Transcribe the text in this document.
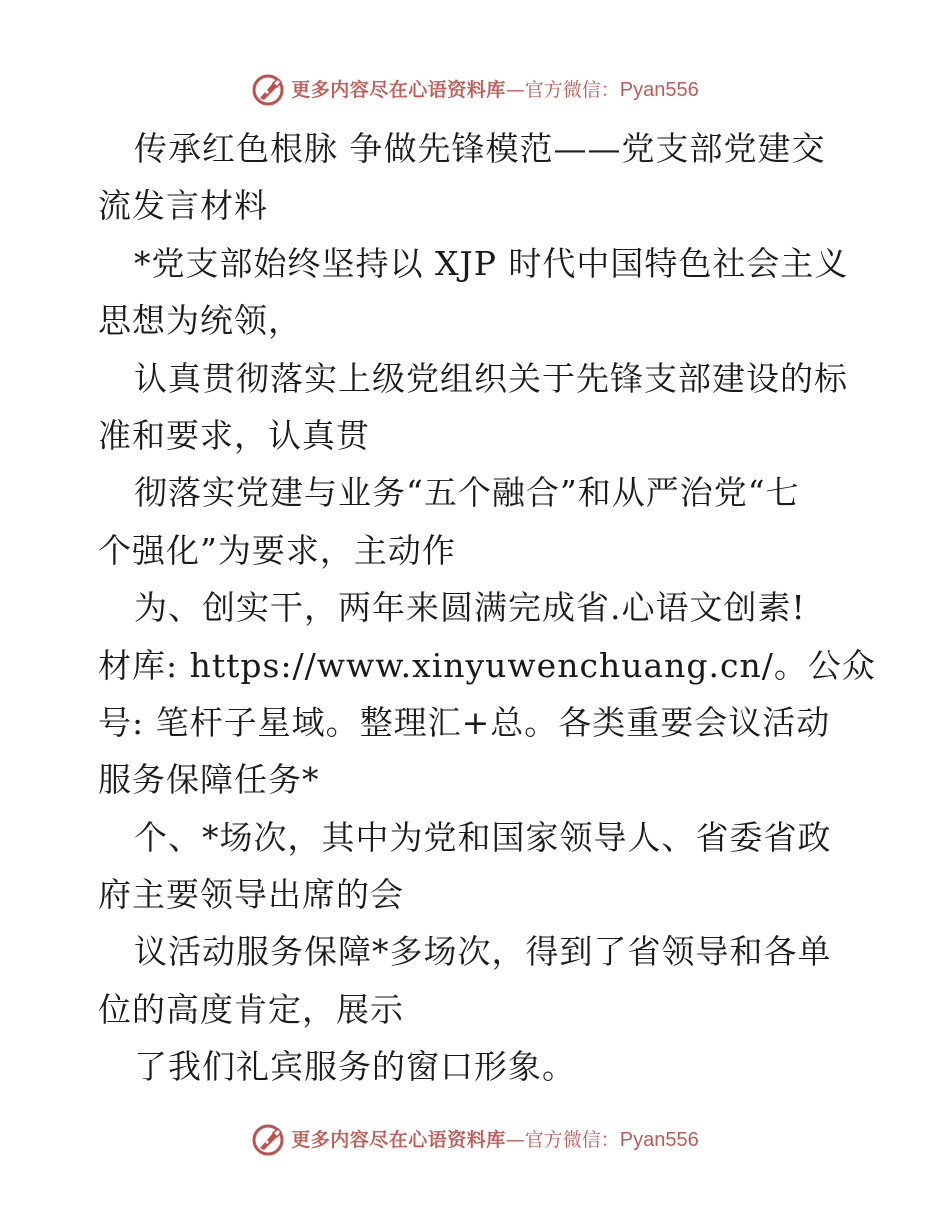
更多内容尽在心语资料库 — 官方微信： Pyan556
传承红色根脉 争做先锋模范——党支部党建交
流发言材料
*党支部始终坚持以 XJP 时代中国特色社会主义
思想为统领，
认真贯彻落实上级党组织关于先锋支部建设的标
准和要求，认真贯
彻落实党建与业务“五个融合”和从严治党“七
个强化”为要求，主动作
为、创实干，两年来圆满完成省.心语文创素!
材库: https://www.xinyuwenchuang.cn/。公众
号: 笔杆子星域。整理汇+总。各类重要会议活动
服务保障任务*
个、*场次，其中为党和国家领导人、省委省政
府主要领导出席的会
议活动服务保障*多场次，得到了省领导和各单
位的高度肯定，展示
了我们礼宾服务的窗口形象。
更多内容尽在心语资料库 — 官方微信： Pyan556
